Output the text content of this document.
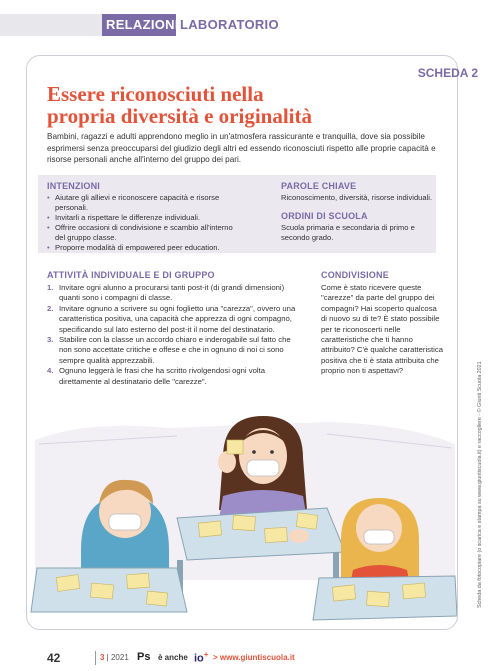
RELAZIONI LABORATORIO
SCHEDA 2
Essere riconosciuti nella
propria diversità e originalità

Bambini, ragazzi e adulti apprendono meglio in un'atmosfera rassicurante e tranquilla, dove sia possibile esprimersi senza preoccuparsi del giudizio degli altri ed essendo riconosciuti rispetto alle proprie capacità e risorse personali anche all'interno del gruppo dei pari.

INTENZIONI
• Aiutare gli allievi e riconoscere capacità e risorse personali.
• Invitarli a rispettare le differenze individuali.
• Offrire occasioni di condivisione e scambio all'interno del gruppo classe.
• Proporre modalità di empowered peer education.
PAROLE CHIAVE

Riconoscimento, diversità, risorse individuali.

ORDINI DI SCUOLA

Scuola primaria e secondaria di primo e secondo grado.

ATTIVITÀ INDIVIDUALE E DI GRUPPO
1. Invitare ogni alunno a procurarsi tanti post-it (di grandi dimensioni) quanti sono i compagni di classe.
2. Invitare ognuno a scrivere su ogni foglietto una "carezza", ovvero una caratteristica positiva, una capacità che apprezza di ogni compagno, specificando sul lato esterno del post-it il nome del destinatario.
3. Stabilire con la classe un accordo chiaro e inderogabile sul fatto che non sono accettate critiche e offese e che in ognuno di noi ci sono sempre qualità apprezzabili.
4. Ognuno leggerà le frasi che ha scritto rivolgendosi ogni volta direttamente al destinatario delle "carezze".
CONDIVISIONE

Come è stato ricevere queste "carezze" da parte del gruppo dei compagni? Hai scoperto qualcosa di nuovo su di te? È stato possibile per te riconoscerti nelle caratteristiche che ti hanno attribuito? C'è qualche caratteristica positiva che ti è stata attribuita che proprio non ti aspettavi?	Scheda da fotocopiare (o scarica e stampa su www.giuntiscuola.it) e raccogliere - © Giunti Scuola 2021
42	3 | 2021 Ps è anche io+ > www.giuntiscuola.it
